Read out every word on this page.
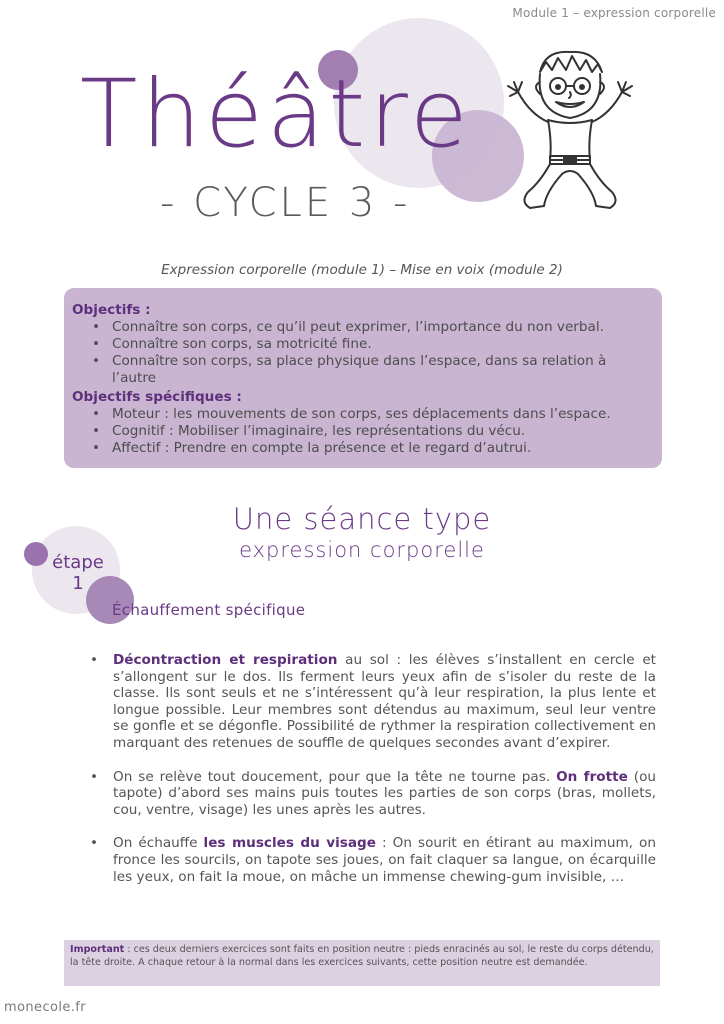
Module 1 – expression corporelle
Théâtre
- CYCLE 3 -
Expression corporelle (module 1) – Mise en voix (module 2)
Objectifs :
• Connaître son corps, ce qu’il peut exprimer, l’importance du non verbal.
• Connaître son corps, sa motricité fine.
• Connaître son corps, sa place physique dans l’espace, dans sa relation à l’autre
Objectifs spécifiques :
• Moteur : les mouvements de son corps, ses déplacements dans l’espace.
• Cognitif : Mobiliser l’imaginaire, les représentations du vécu.
• Affectif : Prendre en compte la présence et le regard d’autrui.
Une séance type
expression corporelle
étape
1
Échauffement spécifique
• Décontraction et respiration au sol : les élèves s’installent en cercle et s’allongent sur le dos. Ils ferment leurs yeux afin de s’isoler du reste de la classe. Ils sont seuls et ne s’intéressent qu’à leur respiration, la plus lente et longue possible. Leur membres sont détendus au maximum, seul leur ventre se gonfle et se dégonfle. Possibilité de rythmer la respiration collectivement en marquant des retenues de souffle de quelques secondes avant d’expirer.
• On se relève tout doucement, pour que la tête ne tourne pas. On frotte (ou tapote) d’abord ses mains puis toutes les parties de son corps (bras, mollets, cou, ventre, visage) les unes après les autres.
• On échauffe les muscles du visage : On sourit en étirant au maximum, on fronce les sourcils, on tapote ses joues, on fait claquer sa langue, on écarquille les yeux, on fait la moue, on mâche un immense chewing-gum invisible, …
Important : ces deux derniers exercices sont faits en position neutre : pieds enracinés au sol, le reste du corps détendu, la tête droite. A chaque retour à la normal dans les exercices suivants, cette position neutre est demandée.
monecole.fr
